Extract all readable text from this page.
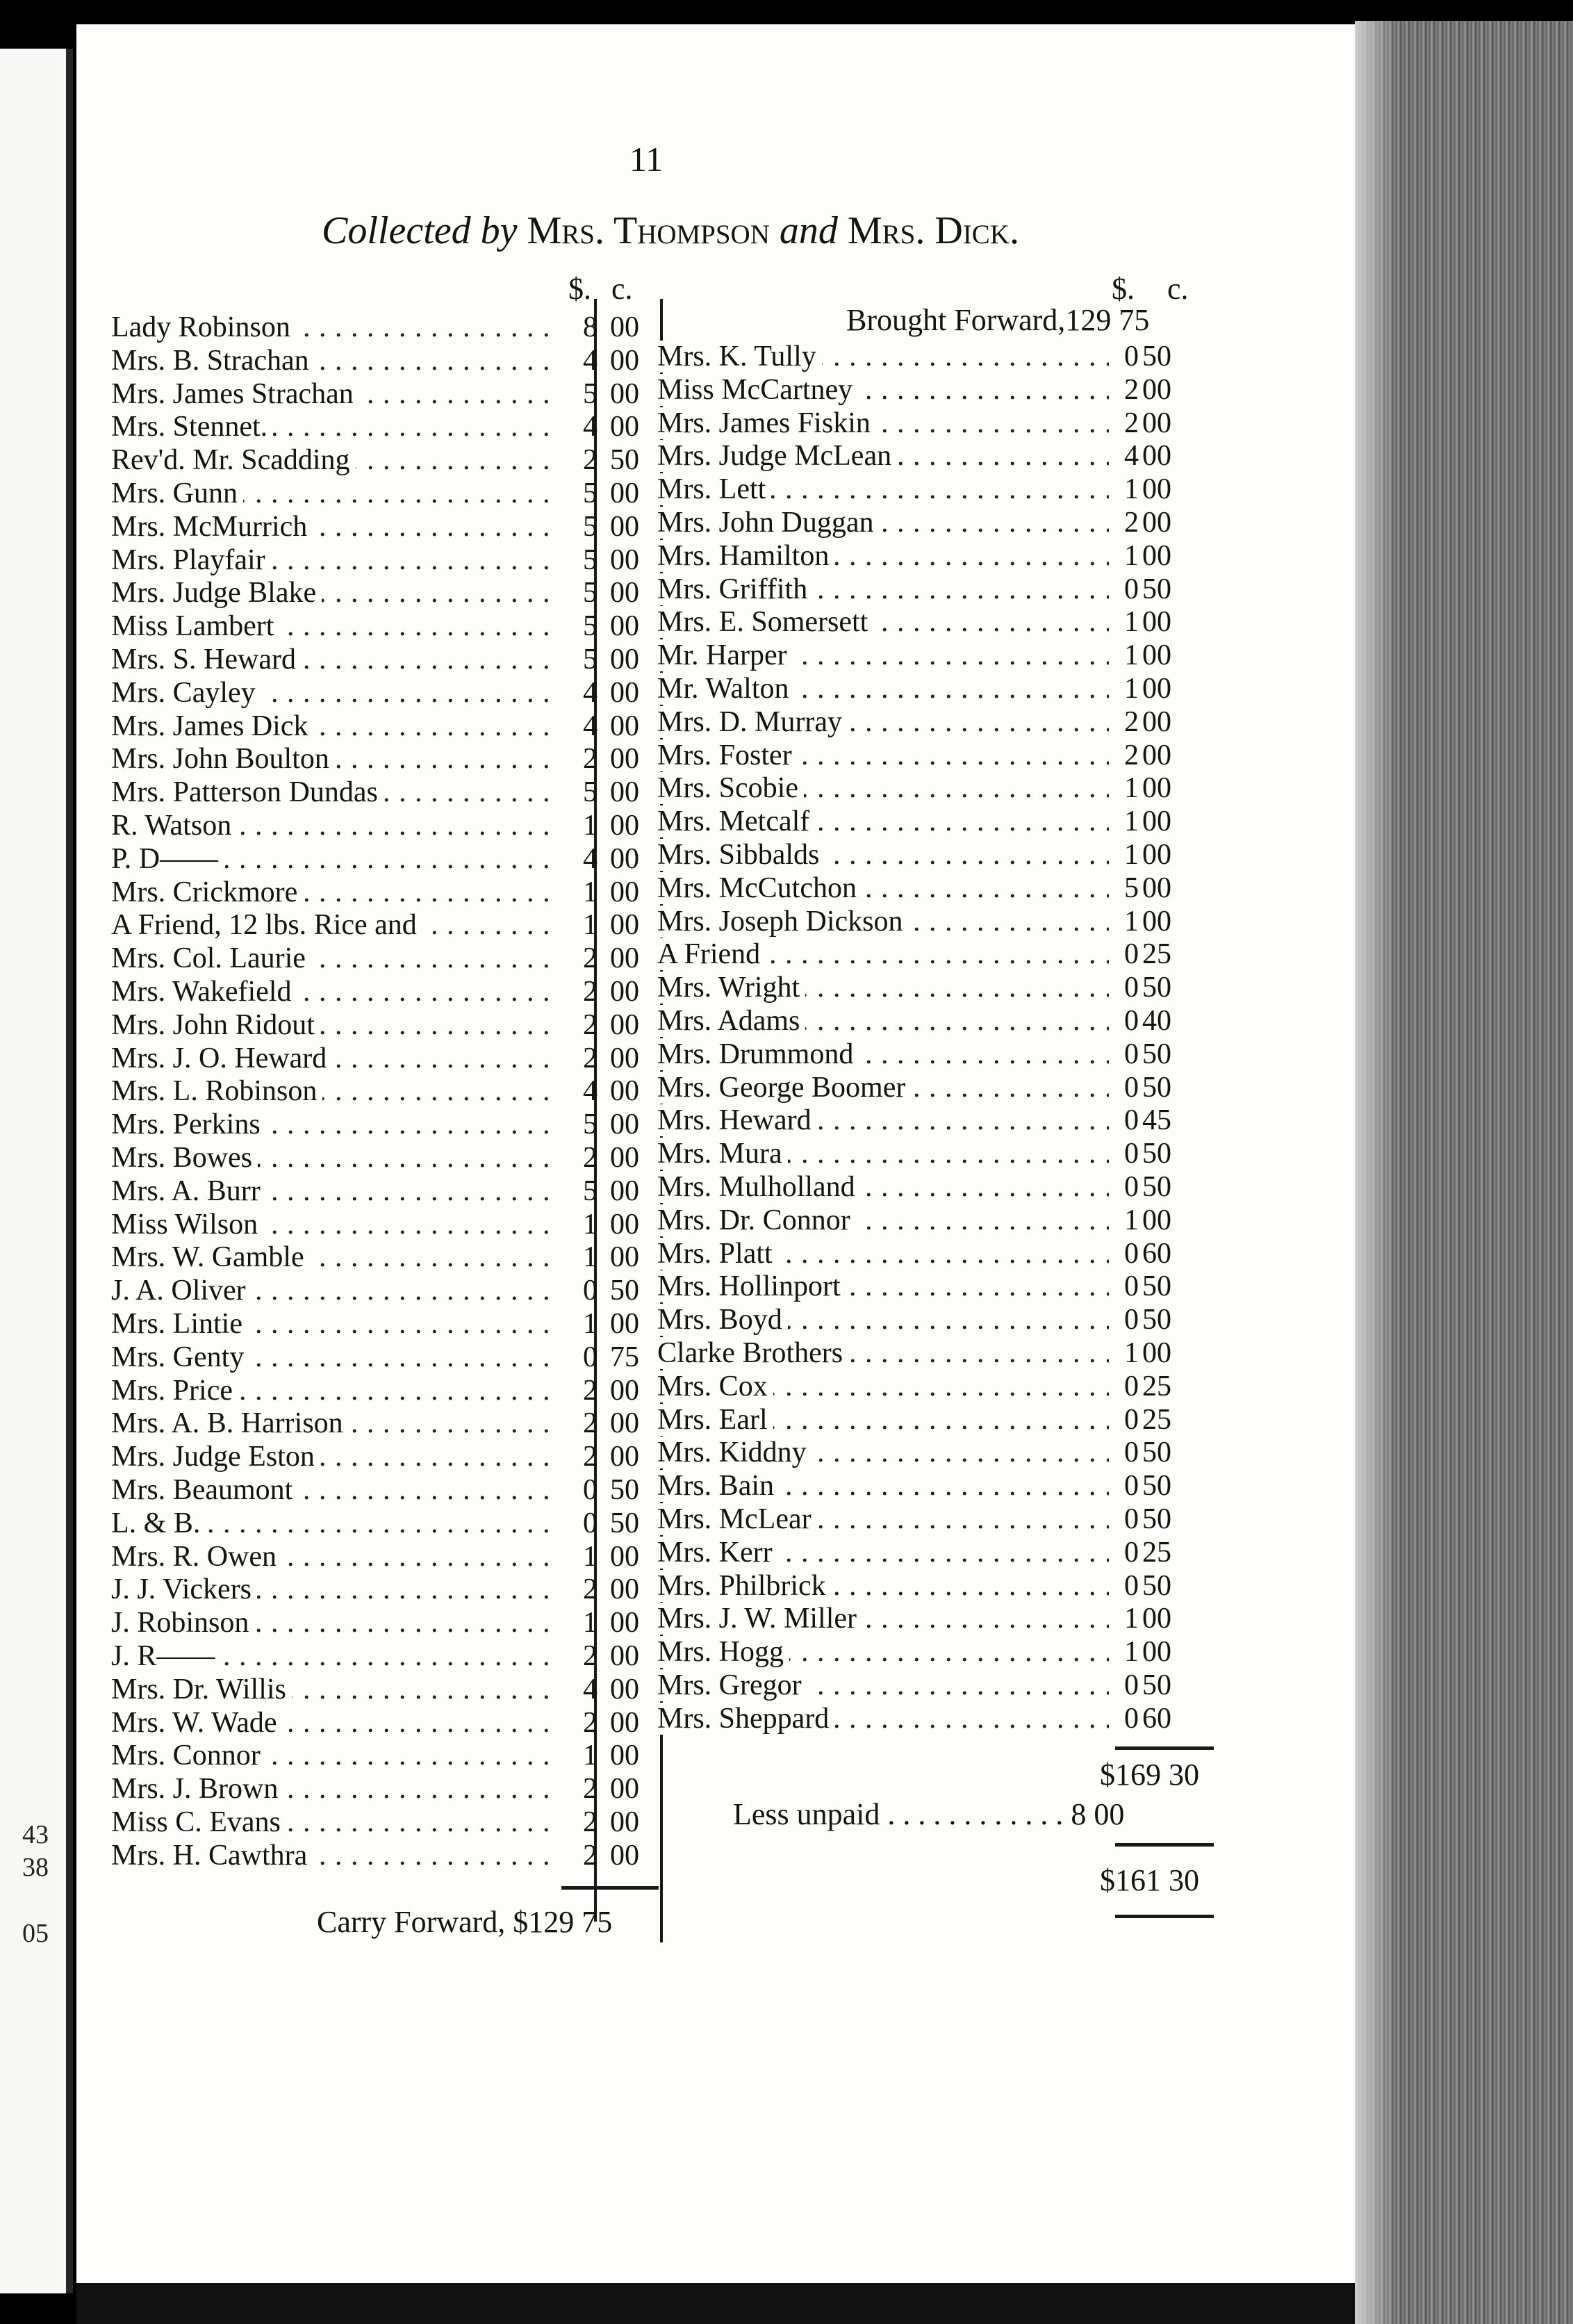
11
Collected by Mrs. Thompson and Mrs. Dick.
$. c.	$. c.
Brought Forward,129 75
. . . Lady Robinson	8 00
. . . Mrs. B. Strachan	4 00
. . . Mrs. James Strachan	5 00
. . . Mrs. Stennet.	4 00
. . . Rev'd. Mr. Scadding	2 50
. . . Mrs. Gunn	5 00
. . . Mrs. McMurrich	5 00
. . . Mrs. Playfair	5 00
. . . Mrs. Judge Blake	5 00
. . . Miss Lambert	5 00
. . . Mrs. S. Heward	5 00
. . . Mrs. Cayley	4 00
. . . Mrs. James Dick	4 00
. . . Mrs. John Boulton	2 00
. . . Mrs. Patterson Dundas	5 00
. . . R. Watson	1 00
. . . P. D——	4 00
. . . Mrs. Crickmore	1 00
. . . A Friend, 12 lbs. Rice and	1 00
. . . Mrs. Col. Laurie	2 00
. . . Mrs. Wakefield	2 00
. . . Mrs. John Ridout	2 00
. . . Mrs. J. O. Heward	2 00
. . . Mrs. L. Robinson	4 00
. . . Mrs. Perkins	5 00
. . . Mrs. Bowes	2 00
. . . Mrs. A. Burr	5 00
. . . Miss Wilson	1 00
. . . Mrs. W. Gamble	1 00
. . . J. A. Oliver	0 50
. . . Mrs. Lintie	1 00
. . . Mrs. Genty	0 75
. . . Mrs. Price	2 00
. . . Mrs. A. B. Harrison	2 00
. . . Mrs. Judge Eston	2 00
. . . Mrs. Beaumont	0 50
. . . L. & B.	0 50
. . . Mrs. R. Owen	1 00
. . . J. J. Vickers	2 00
. . . J. Robinson	1 00
. . . J. R——	2 00
. . . Mrs. Dr. Willis	4 00
. . . Mrs. W. Wade	2 00
. . . Mrs. Connor	1 00
. . . Mrs. J. Brown	2 00
. . . Miss C. Evans	2 00
. . . Mrs. H. Cawthra	2 00
. . . Mrs. K. Tully	0 50
. . . Miss McCartney	2 00
. . . Mrs. James Fiskin	2 00
. . . Mrs. Judge McLean	4 00
. . . Mrs. Lett	1 00
. . . Mrs. John Duggan	2 00
. . . Mrs. Hamilton	1 00
. . . Mrs. Griffith	0 50
. . . Mrs. E. Somersett	1 00
. . . Mr. Harper	1 00
. . . Mr. Walton	1 00
. . . Mrs. D. Murray	2 00
. . . Mrs. Foster	2 00
. . . Mrs. Scobie	1 00
. . . Mrs. Metcalf	1 00
. . . Mrs. Sibbalds	1 00
. . . Mrs. McCutchon	5 00
. . . Mrs. Joseph Dickson	1 00
. . . A Friend	0 25
. . . Mrs. Wright	0 50
. . . Mrs. Adams	0 40
. . . Mrs. Drummond	0 50
. . . Mrs. George Boomer	0 50
. . . Mrs. Heward	0 45
. . . Mrs. Mura	0 50
. . . Mrs. Mulholland	0 50
. . . Mrs. Dr. Connor	1 00
. . . Mrs. Platt	0 60
. . . Mrs. Hollinport	0 50
. . . Mrs. Boyd	0 50
. . . Clarke Brothers	1 00
. . . Mrs. Cox	0 25
. . . Mrs. Earl	0 25
. . . Mrs. Kiddny	0 50
. . . Mrs. Bain	0 50
. . . Mrs. McLear	0 50
. . . Mrs. Kerr	0 25
. . . Mrs. Philbrick	0 50
. . . Mrs. J. W. Miller	1 00
. . . Mrs. Hogg	1 00
. . . Mrs. Gregor	0 50
. . . Mrs. Sheppard	0 60
Carry Forward, $129 75
$169 30
Less unpaid . . . . . . . . . . . . 8 00
$161 30
43
38
05
